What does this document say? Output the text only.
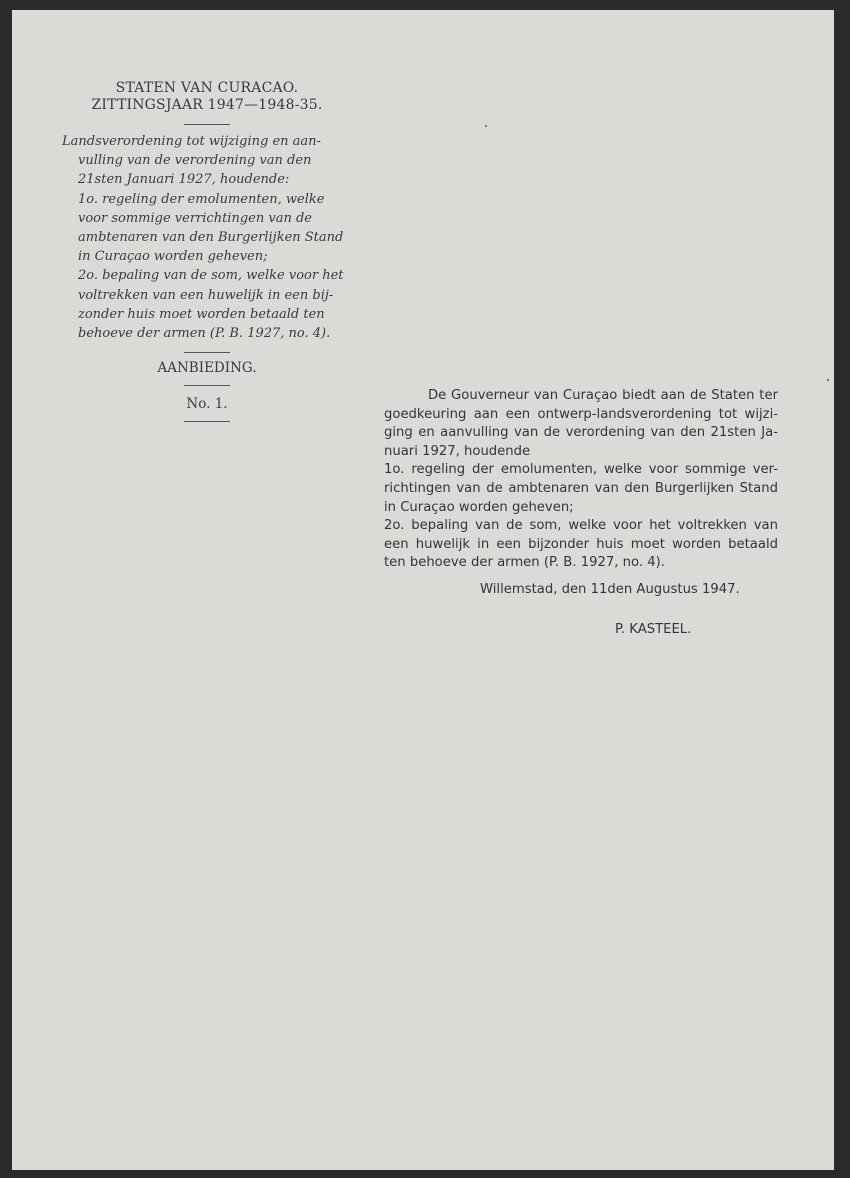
STATEN VAN CURACAO.
ZITTINGSJAAR 1947—1948-35.
Landsverordening tot wijziging en aan-
vulling van de verordening van den
21sten Januari 1927, houdende:
1o. regeling der emolumenten, welke
voor sommige verrichtingen van de
ambtenaren van den Burgerlijken Stand
in Curaçao worden geheven;
2o. bepaling van de som, welke voor het
voltrekken van een huwelijk in een bij-
zonder huis moet worden betaald ten
behoeve der armen (P. B. 1927, no. 4).
AANBIEDING.
No. 1.
De Gouverneur van Curaçao biedt aan de Staten ter
goedkeuring aan een ontwerp-landsverordening tot wijzi-
ging en aanvulling van de verordening van den 21sten Ja-
nuari 1927, houdende
1o. regeling der emolumenten, welke voor sommige ver-
richtingen van de ambtenaren van den Burgerlijken Stand
in Curaçao worden geheven;
2o. bepaling van de som, welke voor het voltrekken van
een huwelijk in een bijzonder huis moet worden betaald
ten behoeve der armen (P. B. 1927, no. 4).
Willemstad, den 11den Augustus 1947.
P. KASTEEL.
